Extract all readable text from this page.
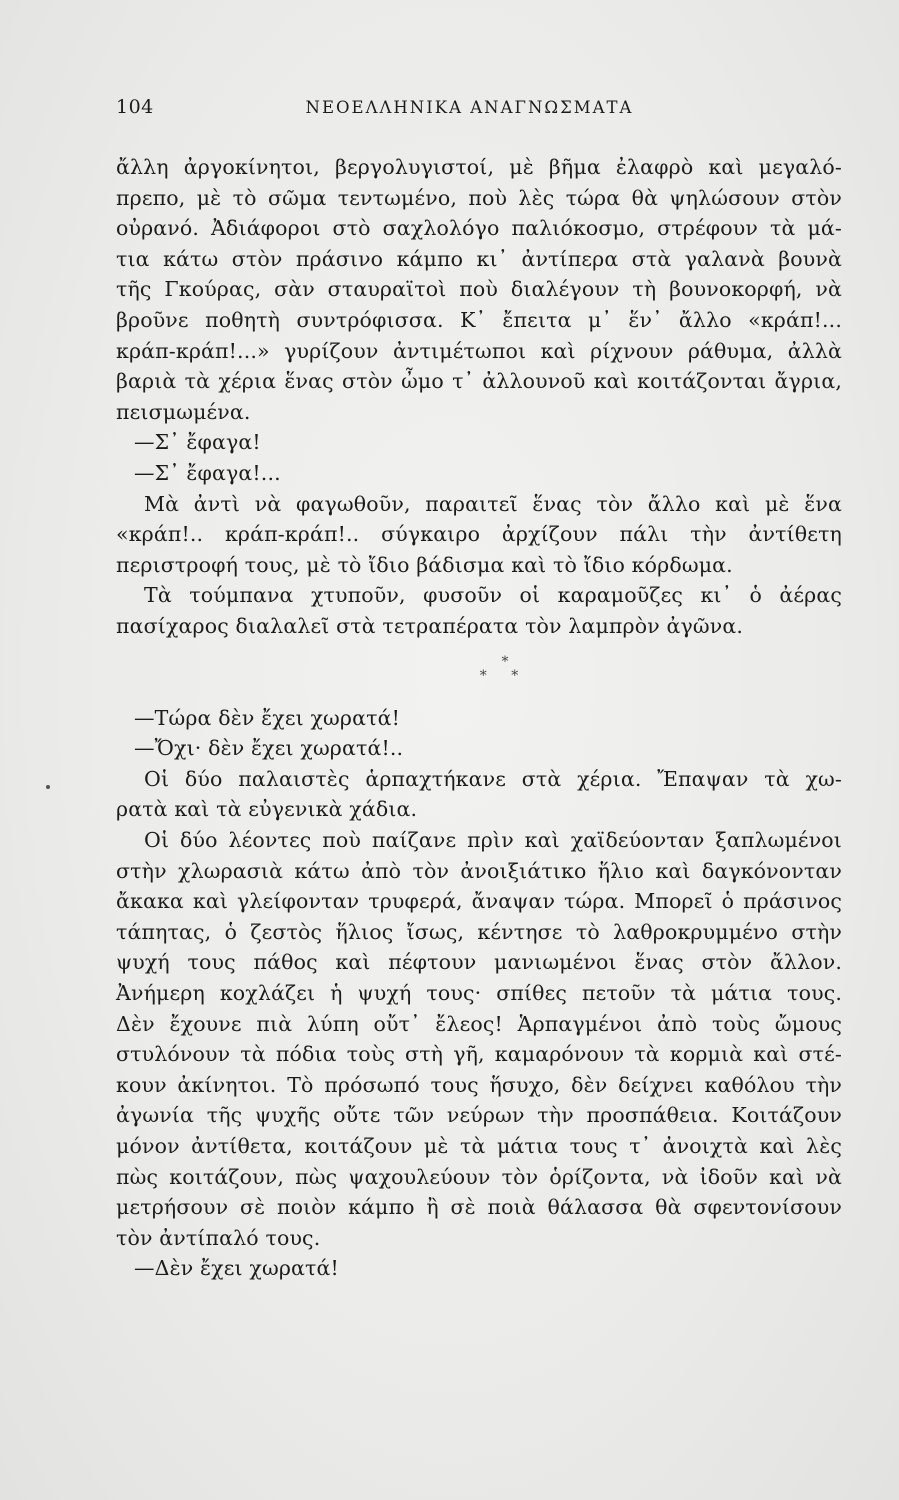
104	ΝΕΟΕΛΛΗΝΙΚΑ ΑΝΑΓΝΩΣΜΑΤΑ
ἄλλη ἀργοκίνητοι, βεργολυγιστοί, μὲ βῆμα ἐλαφρὸ καὶ μεγαλό-
πρεπο, μὲ τὸ σῶμα τεντωμένο, ποὺ λὲς τώρα θὰ ψηλώσουν στὸν
οὐρανό. Ἀδιάφοροι στὸ σαχλολόγο παλιόκοσμο, στρέφουν τὰ μά-
τια κάτω στὸν πράσινο κάμπο κι᾽ ἀντίπερα στὰ γαλανὰ βουνὰ
τῆς Γκούρας, σὰν σταυραϊτοὶ ποὺ διαλέγουν τὴ βουνοκορφή, νὰ
βροῦνε ποθητὴ συντρόφισσα. Κ᾽ ἔπειτα μ᾽ ἕν᾽ ἄλλο «κράπ!...
κράπ-κράπ!...» γυρίζουν ἀντιμέτωποι καὶ ρίχνουν ράθυμα, ἀλλὰ
βαριὰ τὰ χέρια ἕνας στὸν ὦμο τ᾽ ἀλλουνοῦ καὶ κοιτάζονται ἄγρια,
πεισμωμένα.
—Σ᾽ ἔφαγα!
—Σ᾽ ἔφαγα!...
Μὰ ἀντὶ νὰ φαγωθοῦν, παραιτεῖ ἕνας τὸν ἄλλο καὶ μὲ ἕνα
«κράπ!.. κράπ-κράπ!.. σύγκαιρο ἀρχίζουν πάλι τὴν ἀντίθετη
περιστροφή τους, μὲ τὸ ἴδιο βάδισμα καὶ τὸ ἴδιο κόρδωμα.
Τὰ τούμπανα χτυποῦν, φυσοῦν οἱ καραμοῦζες κι᾽ ὁ ἀέρας
πασίχαρος διαλαλεῖ στὰ τετραπέρατα τὸν λαμπρὸν ἀγῶνα.
*
* *
—Τώρα δὲν ἔχει χωρατά!
—Ὄχι· δὲν ἔχει χωρατά!..
Οἱ δύο παλαιστὲς ἁρπαχτήκανε στὰ χέρια. Ἔπαψαν τὰ χω-
ρατὰ καὶ τὰ εὐγενικὰ χάδια.
Οἱ δύο λέοντες ποὺ παίζανε πρὶν καὶ χαϊδεύονταν ξαπλωμένοι
στὴν χλωρασιὰ κάτω ἀπὸ τὸν ἀνοιξιάτικο ἥλιο καὶ δαγκόνονταν
ἄκακα καὶ γλείφονταν τρυφερά, ἄναψαν τώρα. Μπορεῖ ὁ πράσινος
τάπητας, ὁ ζεστὸς ἥλιος ἴσως, κέντησε τὸ λαθροκρυμμένο στὴν
ψυχή τους πάθος καὶ πέφτουν μανιωμένοι ἕνας στὸν ἄλλον.
Ἀνήμερη κοχλάζει ἡ ψυχή τους· σπίθες πετοῦν τὰ μάτια τους.
Δὲν ἔχουνε πιὰ λύπη οὔτ᾽ ἔλεος! Ἁρπαγμένοι ἀπὸ τοὺς ὤμους
στυλόνουν τὰ πόδια τοὺς στὴ γῆ, καμαρόνουν τὰ κορμιὰ καὶ στέ-
κουν ἀκίνητοι. Τὸ πρόσωπό τους ἥσυχο, δὲν δείχνει καθόλου τὴν
ἀγωνία τῆς ψυχῆς οὔτε τῶν νεύρων τὴν προσπάθεια. Κοιτάζουν
μόνον ἀντίθετα, κοιτάζουν μὲ τὰ μάτια τους τ᾽ ἀνοιχτὰ καὶ λὲς
πὼς κοιτάζουν, πὼς ψαχουλεύουν τὸν ὁρίζοντα, νὰ ἰδοῦν καὶ νὰ
μετρήσουν σὲ ποιὸν κάμπο ἢ σὲ ποιὰ θάλασσα θὰ σφεντονίσουν
τὸν ἀντίπαλό τους.
—Δὲν ἔχει χωρατά!
